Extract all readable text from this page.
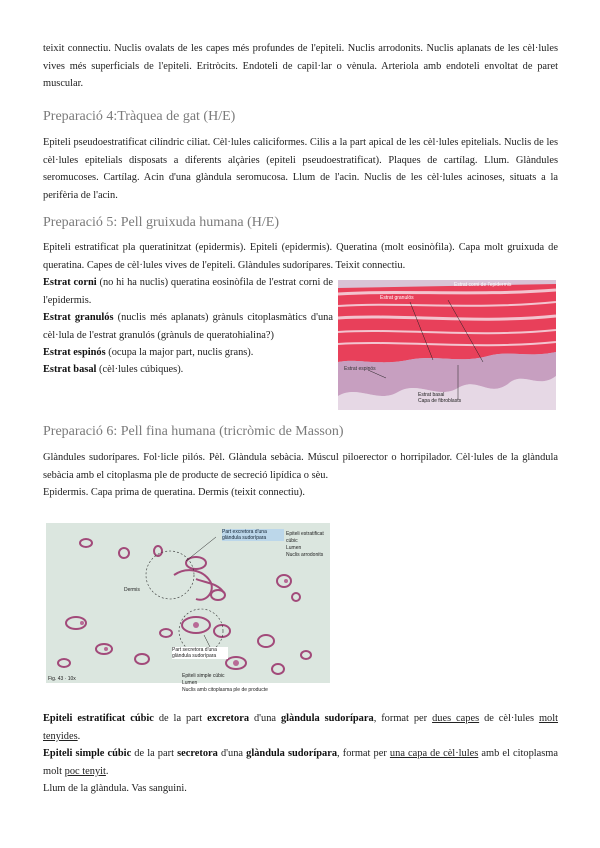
teixit connectiu. Nuclis ovalats de les capes més profundes de l'epiteli. Nuclis arrodonits. Nuclis aplanats de les cèl·lules vives més superficials de l'epiteli. Eritròcits. Endoteli de capil·lar o vènula. Arteriola amb endoteli envoltat de paret muscular.

Preparació 4:Tràquea de gat (H/E)

Epiteli pseudoestratificat cilíndric ciliat. Cèl·lules caliciformes. Cilis a la part apical de les cèl·lules epitelials. Nuclis de les cèl·lules epitelials disposats a diferents alçàries (epiteli pseudoestratificat). Plaques de cartílag. Llum. Glàndules seromucoses. Cartílag. Acin d'una glàndula seromucosa. Llum de l'acin. Nuclis de les cèl·lules acinoses, situats a la perifèria de l'acin.

Preparació 5: Pell gruixuda humana (H/E)

Epiteli estratificat pla queratinitzat (epidermis). Epiteli (epidermis). Queratina (molt eosinòfila). Capa molt gruixuda de queratina. Capes de cèl·lules vives de l'epiteli. Glàndules sudorípares. Teixit connectiu.

Estrat corni (no hi ha nuclis) queratina eosinòfila de l'estrat corni de l'epidermis.

Estrat granulós (nuclis més aplanats) grànuls citoplasmàtics d'una cèl·lula de l'estrat granulós (grànuls de queratohialina?)

Estrat espinós (ocupa la major part, nuclis grans).

Estrat basal (cèl·lules cúbiques).

Estrat corni de l'epidermis
Estrat granulós
Estrat espinós
Estrat basal
Capa de fibroblasts
Preparació 6: Pell fina humana (tricròmic de Masson)

Glàndules sudorípares. Fol·licle pilós. Pèl. Glàndula sebàcia. Múscul piloerector o horripilador. Cèl·lules de la glàndula sebàcia amb el citoplasma ple de producte de secreció lipídica o sèu.

Epidermis. Capa prima de queratina. Dermis (teixit connectiu).

Part excretora d'una glàndula sudorípara
Epiteli estratificat
cúbic
Lumen
Nuclis arrodonits
Dermis
Part secretora d'una glàndula sudorípara
Epiteli simple cúbic
Lumen
Nuclis amb citoplasma ple de producte
Fig. 43 · 10x

Epiteli estratificat cúbic de la part excretora d'una glàndula sudorípara, format per dues capes de cèl·lules molt tenyides.

Epiteli simple cúbic de la part secretora d'una glàndula sudorípara, format per una capa de cèl·lules amb el citoplasma molt poc tenyit.

Llum de la glàndula. Vas sanguini.
